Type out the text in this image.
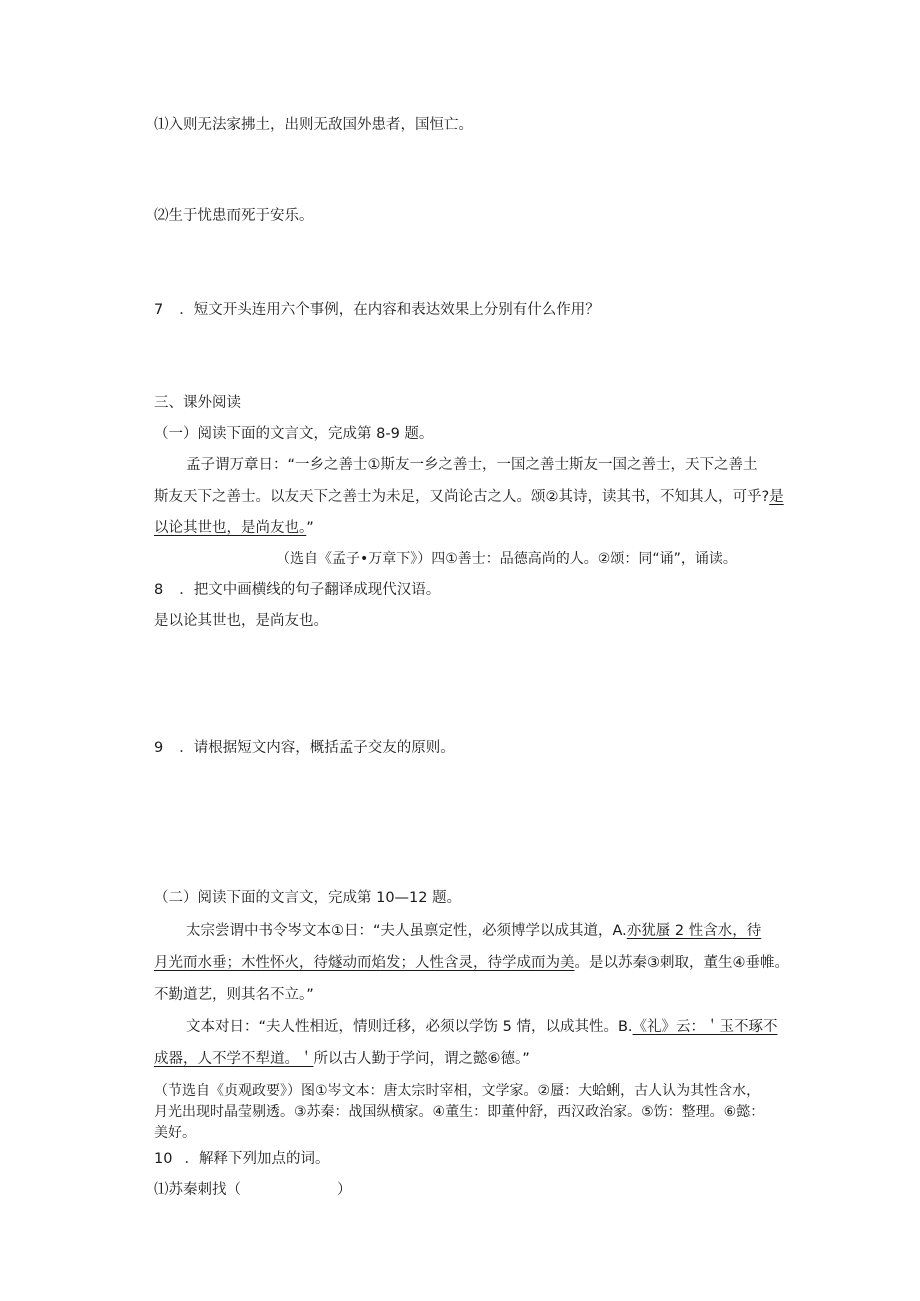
⑴入则无法家拂土，出则无敌国外患者，国恒亡。
⑵生于忧患而死于安乐。
7 ．短文开头连用六个事例，在内容和表达效果上分别有什么作用？
三、课外阅读
（一）阅读下面的文言文，完成第 8-9 题。
孟子谓万章日：“一乡之善士①斯友一乡之善士，一国之善士斯友一国之善士，天下之善土
斯友天下之善士。以友天下之善士为未足，又尚论古之人。颂②其诗，读其书，不知其人，可乎?是
以论其世也，是尚友也。”
（选自《孟子•万章下》）四①善士：品德高尚的人。②颂：同“诵”，诵读。
8 ．把文中画横线的句子翻译成现代汉语。
是以论其世也，是尚友也。
9 ．请根据短文内容，概括孟子交友的原则。
（二）阅读下面的文言文，完成第 10—12 题。
太宗尝谓中书令岑文本①日：“夫人虽禀定性，必须博学以成其道，A.亦犹蜃 2 性含水，待
月光而水垂；木性怀火，待燧动而焰发；人性含灵，待学成而为美。是以苏秦③刺取，董生④垂帷。
不勤道艺，则其名不立。”
文本对日：“夫人性相近，情则迁移，必须以学饬 5 情，以成其性。B.《礼》云：＇玉不琢不
成器，人不学不犁道。＇所以古人勤于学问，谓之懿⑥德。”
（节选自《贞观政要》）图①岑文本：唐太宗时宰相，文学家。②蜃：大蛤蜊，古人认为其性含水，
月光出现时晶莹剔透。③苏秦：战国纵横家。④董生：即董仲舒，西汉政治家。⑤饬：整理。⑥懿：
美好。
10 ．解释下列加点的词。
⑴苏秦刺找（	）
